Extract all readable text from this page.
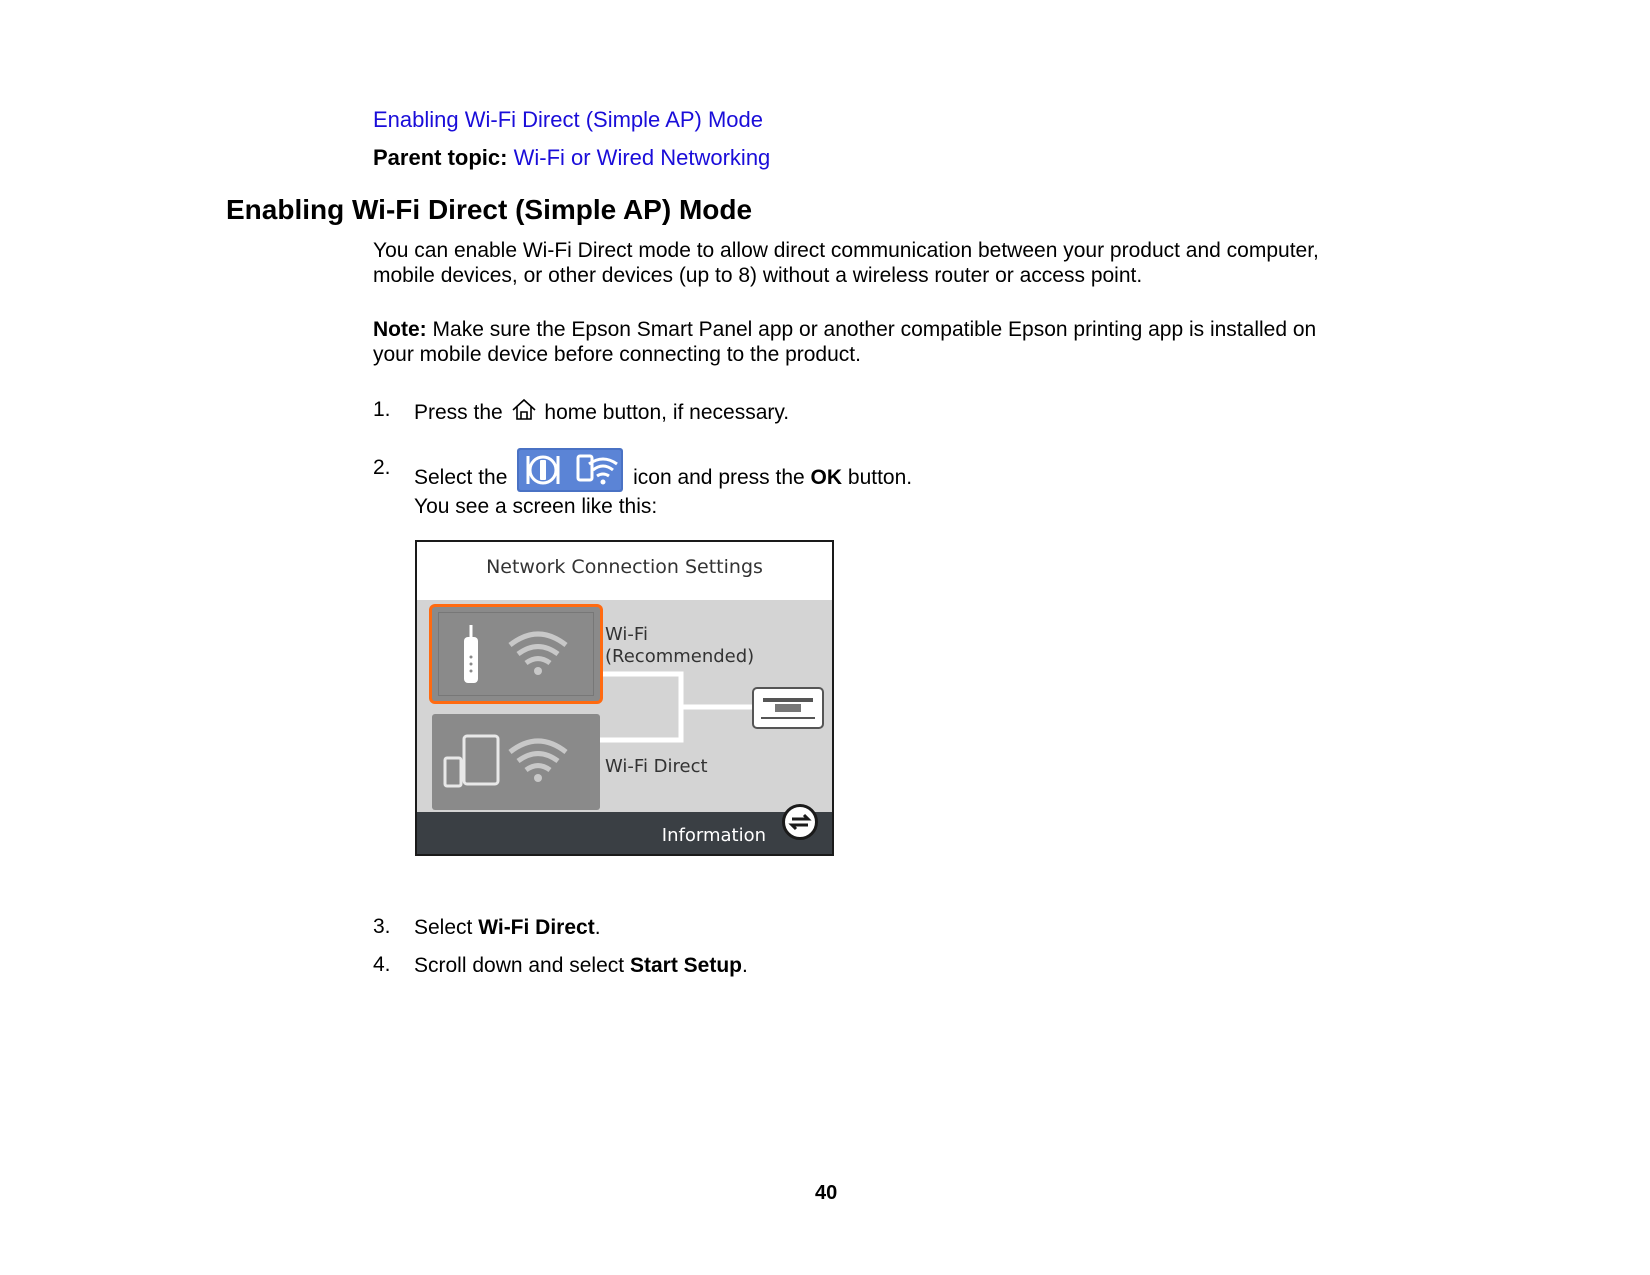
Enabling Wi-Fi Direct (Simple AP) Mode
Parent topic: Wi-Fi or Wired Networking
Enabling Wi-Fi Direct (Simple AP) Mode
You can enable Wi-Fi Direct mode to allow direct communication between your product and computer,
mobile devices, or other devices (up to 8) without a wireless router or access point.
Note: Make sure the Epson Smart Panel app or another compatible Epson printing app is installed on
your mobile device before connecting to the product.
1. Press the home button, if necessary.
2. Select the	icon and press the OK button.
You see a screen like this:
Network Connection Settings
Wi-Fi
(Recommended)
Wi-Fi Direct
Information
3. Select Wi-Fi Direct.
4. Scroll down and select Start Setup.
40
